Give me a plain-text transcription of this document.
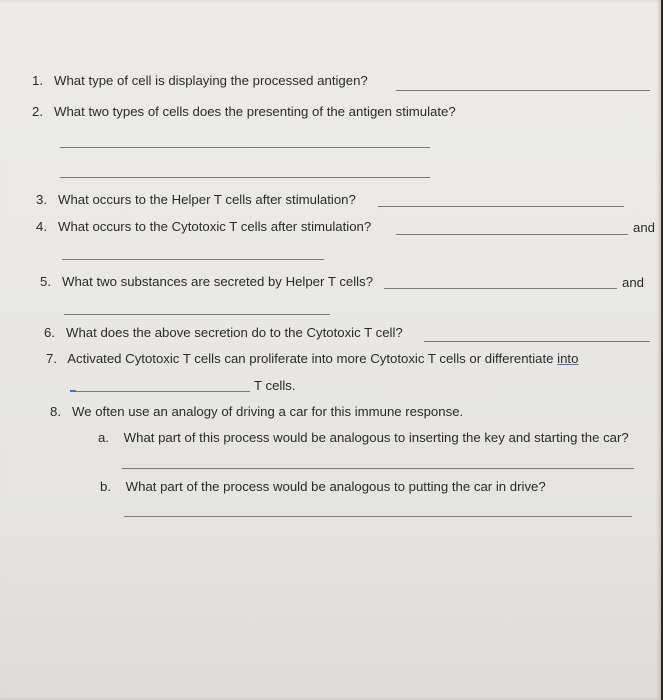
1. What type of cell is displaying the processed antigen?
2. What two types of cells does the presenting of the antigen stimulate?
3. What occurs to the Helper T cells after stimulation?
4. What occurs to the Cytotoxic T cells after stimulation?	and
5. What two substances are secreted by Helper T cells?	and
6. What does the above secretion do to the Cytotoxic T cell?
7. Activated Cytotoxic T cells can proliferate into more Cytotoxic T cells or differentiate into
T cells.
8. We often use an analogy of driving a car for this immune response.
a. What part of this process would be analogous to inserting the key and starting the car?
b. What part of the process would be analogous to putting the car in drive?
